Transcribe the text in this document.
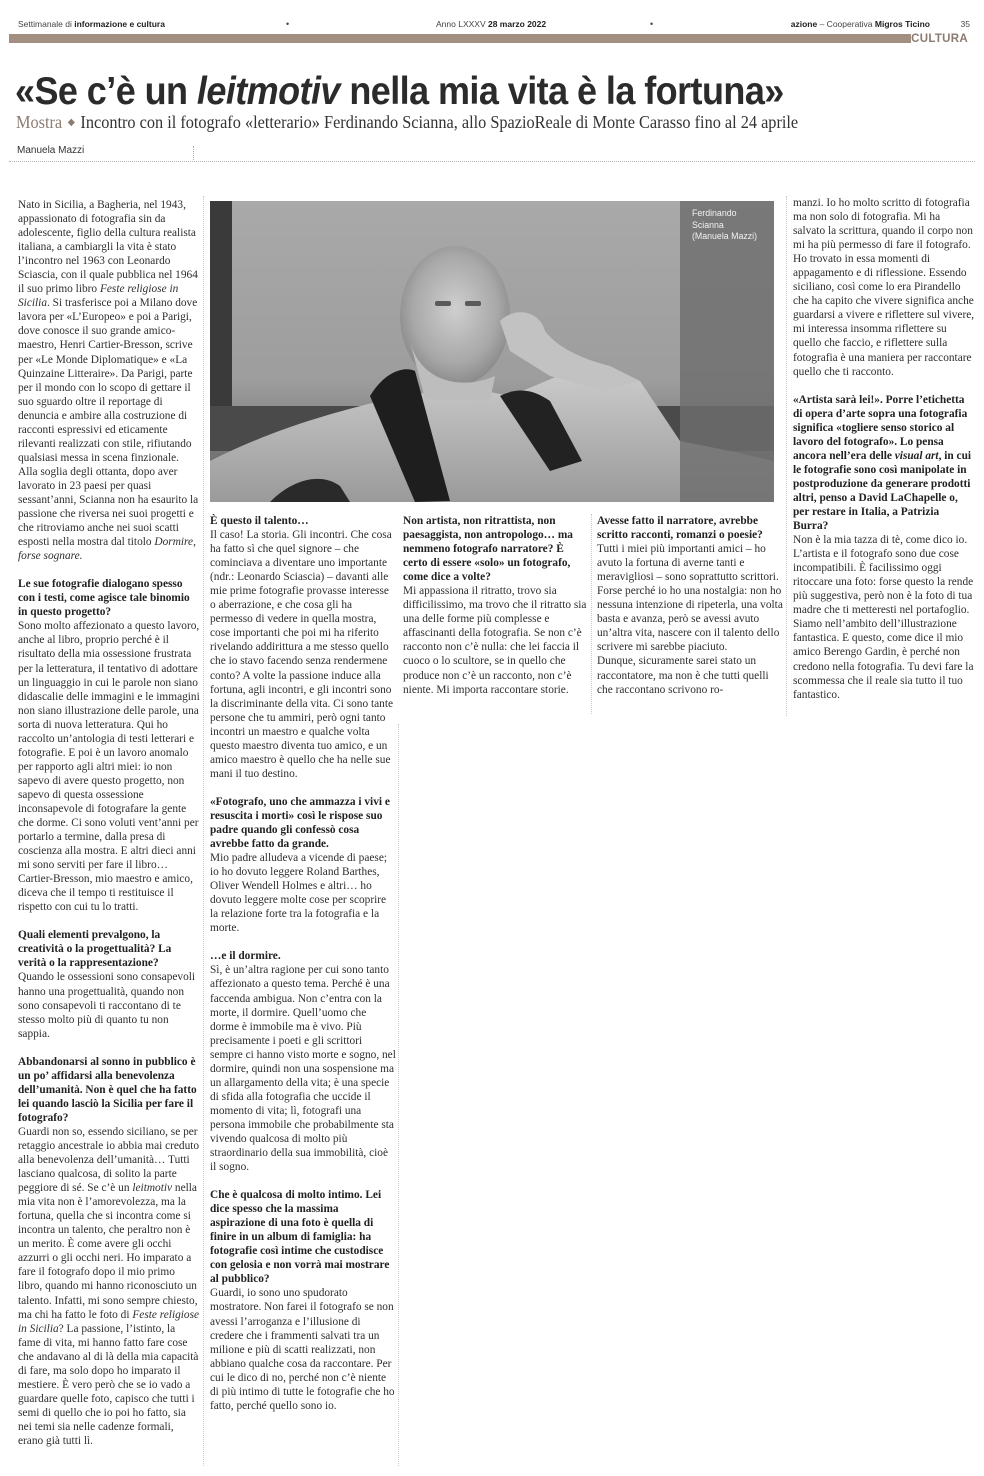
Settimanale di informazione e cultura	•	Anno LXXXV 28 marzo 2022	•	azione – Cooperativa Migros Ticino	35
CULTURA
«Se c’è un leitmotiv nella mia vita è la fortuna»
Mostra ◆ Incontro con il fotografo «letterario» Ferdinando Scianna, allo SpazioReale di Monte Carasso fino al 24 aprile
Manuela Mazzi
Ferdinando
Scianna
(Manuela Mazzi)

Nato in Sicilia, a Bagheria, nel 1943, appassionato di fotografia sin da adolescente, figlio della cultura realista italiana, a cambiargli la vita è stato l’incontro nel 1963 con Leonardo Sciascia, con il quale pubblica nel 1964 il suo primo libro Feste religiose in Sicilia. Si trasferisce poi a Milano dove lavora per «L’Europeo» e poi a Parigi, dove conosce il suo grande amico-maestro, Henri Cartier-Bresson, scrive per «Le Monde Diplomatique» e «La Quinzaine Litteraire». Da Parigi, parte per il mondo con lo scopo di gettare il suo sguardo oltre il reportage di denuncia e ambire alla costruzione di racconti espressivi ed eticamente rilevanti realizzati con stile, rifiutando qualsiasi messa in scena finzionale.

Alla soglia degli ottanta, dopo aver lavorato in 23 paesi per quasi sessant’anni, Scianna non ha esaurito la passione che riversa nei suoi progetti e che ritroviamo anche nei suoi scatti esposti nella mostra dal titolo Dormire, forse sognare.

Le sue fotografie dialogano spesso con i testi, come agisce tale binomio in questo progetto?

Sono molto affezionato a questo lavoro, anche al libro, proprio perché è il risultato della mia ossessione frustrata per la letteratura, il tentativo di adottare un linguaggio in cui le parole non siano didascalie delle immagini e le immagini non siano illustrazione delle parole, una sorta di nuova letteratura. Qui ho raccolto un’antologia di testi letterari e fotografie. E poi è un lavoro anomalo per rapporto agli altri miei: io non sapevo di avere questo progetto, non sapevo di questa ossessione inconsapevole di fotografare la gente che dorme. Ci sono voluti vent’anni per portarlo a termine, dalla presa di coscienza alla mostra. E altri dieci anni mi sono serviti per fare il libro… Cartier-Bresson, mio maestro e amico, diceva che il tempo ti restituisce il rispetto con cui tu lo tratti.

Quali elementi prevalgono, la creatività o la progettualità? La verità o la rappresentazione?

Quando le ossessioni sono consapevoli hanno una progettualità, quando non sono consapevoli ti raccontano di te stesso molto più di quanto tu non sappia.

Abbandonarsi al sonno in pubblico è un po’ affidarsi alla benevolenza dell’umanità. Non è quel che ha fatto lei quando lasciò la Sicilia per fare il fotografo?

Guardi non so, essendo siciliano, se per retaggio ancestrale io abbia mai creduto alla benevolenza dell’umanità… Tutti lasciano qualcosa, di solito la parte peggiore di sé. Se c’è un leitmotiv nella mia vita non è l’amorevolezza, ma la fortuna, quella che si incontra come si incontra un talento, che peraltro non è un merito. È come avere gli occhi azzurri o gli occhi neri. Ho imparato a fare il fotografo dopo il mio primo libro, quando mi hanno riconosciuto un talento. Infatti, mi sono sempre chiesto, ma chi ha fatto le foto di Feste religiose in Sicilia? La passione, l’istinto, la fame di vita, mi hanno fatto fare cose che andavano al di là della mia capacità di fare, ma solo dopo ho imparato il mestiere. È vero però che se io vado a guardare quelle foto, capisco che tutti i semi di quello che io poi ho fatto, sia nei temi sia nelle cadenze formali, erano già tutti lì.

È questo il talento…

Il caso! La storia. Gli incontri. Che cosa ha fatto sì che quel signore – che cominciava a diventare uno importante (ndr.: Leonardo Sciascia) – davanti alle mie prime fotografie provasse interesse o aberrazione, e che cosa gli ha permesso di vedere in quella mostra, cose importanti che poi mi ha riferito rivelando addirittura a me stesso quello che io stavo facendo senza rendermene conto? A volte la passione induce alla fortuna, agli incontri, e gli incontri sono la discriminante della vita. Ci sono tante persone che tu ammiri, però ogni tanto incontri un maestro e qualche volta questo maestro diventa tuo amico, e un amico maestro è quello che ha nelle sue mani il tuo destino.

«Fotografo, uno che ammazza i vivi e resuscita i morti» così le rispose suo padre quando gli confessò cosa avrebbe fatto da grande.

Mio padre alludeva a vicende di paese; io ho dovuto leggere Roland Barthes, Oliver Wendell Holmes e altri… ho dovuto leggere molte cose per scoprire la relazione forte tra la fotografia e la morte.

…e il dormire.

Sì, è un’altra ragione per cui sono tanto affezionato a questo tema. Perché è una faccenda ambigua. Non c’entra con la morte, il dormire. Quell’uomo che dorme è immobile ma è vivo. Più precisamente i poeti e gli scrittori sempre ci hanno visto morte e sogno, nel dormire, quindi non una sospensione ma un allargamento della vita; è una specie di sfida alla fotografia che uccide il momento di vita; lì, fotografi una persona immobile che probabilmente sta vivendo qualcosa di molto più straordinario della sua immobilità, cioè il sogno.

Che è qualcosa di molto intimo. Lei dice spesso che la massima aspirazione di una foto è quella di finire in un album di famiglia: ha fotografie così intime che custodisce con gelosia e non vorrà mai mostrare al pubblico?

Guardi, io sono uno spudorato mostratore. Non farei il fotografo se non avessi l’arroganza e l’illusione di credere che i frammenti salvati tra un milione e più di scatti realizzati, non abbiano qualche cosa da raccontare. Per cui le dico di no, perché non c’è niente di più intimo di tutte le fotografie che ho fatto, perché quello sono io.

Non artista, non ritrattista, non paesaggista, non antropologo… ma nemmeno fotografo narratore? È certo di essere «solo» un fotografo, come dice a volte?

Mi appassiona il ritratto, trovo sia difficilissimo, ma trovo che il ritratto sia una delle forme più complesse e affascinanti della fotografia. Se non c’è racconto non c’è nulla: che lei faccia il cuoco o lo scultore, se in quello che produce non c’è un racconto, non c’è niente. Mi importa raccontare storie.

Avesse fatto il narratore, avrebbe scritto racconti, romanzi o poesie?

Tutti i miei più importanti amici – ho avuto la fortuna di averne tanti e meravigliosi – sono soprattutto scrittori. Forse perché io ho una nostalgia: non ho nessuna intenzione di ripeterla, una volta basta e avanza, però se avessi avuto un’altra vita, nascere con il talento dello scrivere mi sarebbe piaciuto.

Dunque, sicuramente sarei stato un raccontatore, ma non è che tutti quelli che raccontano scrivono ro-

manzi. Io ho molto scritto di fotografia ma non solo di fotografia. Mi ha salvato la scrittura, quando il corpo non mi ha più permesso di fare il fotografo. Ho trovato in essa momenti di appagamento e di riflessione. Essendo siciliano, così come lo era Pirandello che ha capito che vivere significa anche guardarsi a vivere e riflettere sul vivere, mi interessa insomma riflettere su quello che faccio, e riflettere sulla fotografia è una maniera per raccontare quello che ti racconto.

«Artista sarà lei!». Porre l’etichetta di opera d’arte sopra una fotografia significa «togliere senso storico al lavoro del fotografo». Lo pensa ancora nell’era delle visual art, in cui le fotografie sono così manipolate in postproduzione da generare prodotti altri, penso a David LaChapelle o, per restare in Italia, a Patrizia Burra?

Non è la mia tazza di tè, come dico io. L’artista e il fotografo sono due cose incompatibili. È facilissimo oggi ritoccare una foto: forse questo la rende più suggestiva, però non è la foto di tua madre che ti metteresti nel portafoglio. Siamo nell’ambito dell’illustrazione fantastica. E questo, come dice il mio amico Berengo Gardin, è perché non credono nella fotografia. Tu devi fare la scommessa che il reale sia tutto il tuo fantastico.
